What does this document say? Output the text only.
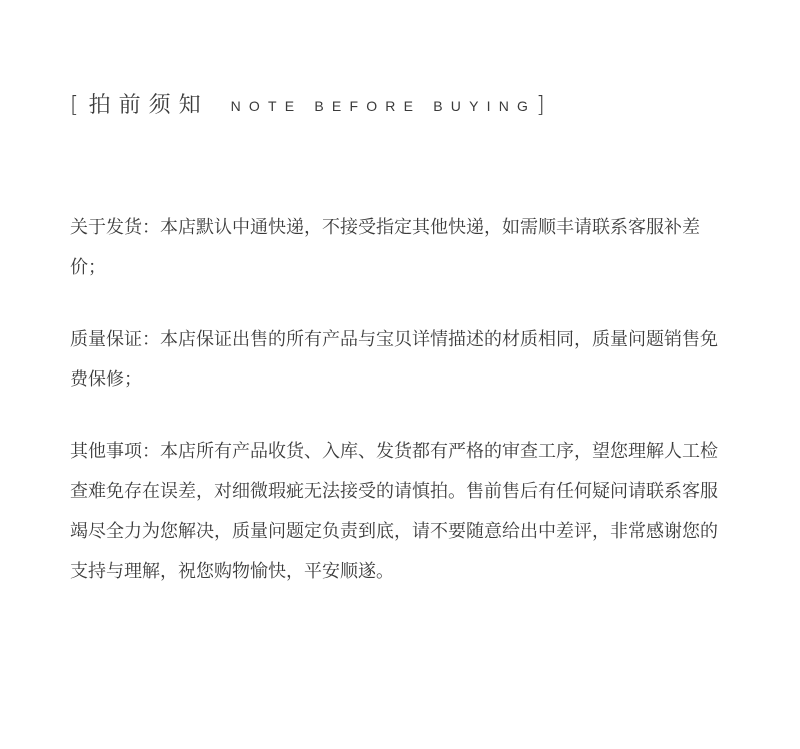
[ 拍前须知 NOTE BEFORE BUYING ]

关于发货：本店默认中通快递，不接受指定其他快递，如需顺丰请联系客服补差价；

质量保证：本店保证出售的所有产品与宝贝详情描述的材质相同，质量问题销售免费保修；

其他事项：本店所有产品收货、入库、发货都有严格的审查工序，望您理解人工检查难免存在误差，对细微瑕疵无法接受的请慎拍。售前售后有任何疑问请联系客服竭尽全力为您解决，质量问题定负责到底，请不要随意给出中差评，非常感谢您的支持与理解，祝您购物愉快，平安顺遂。
